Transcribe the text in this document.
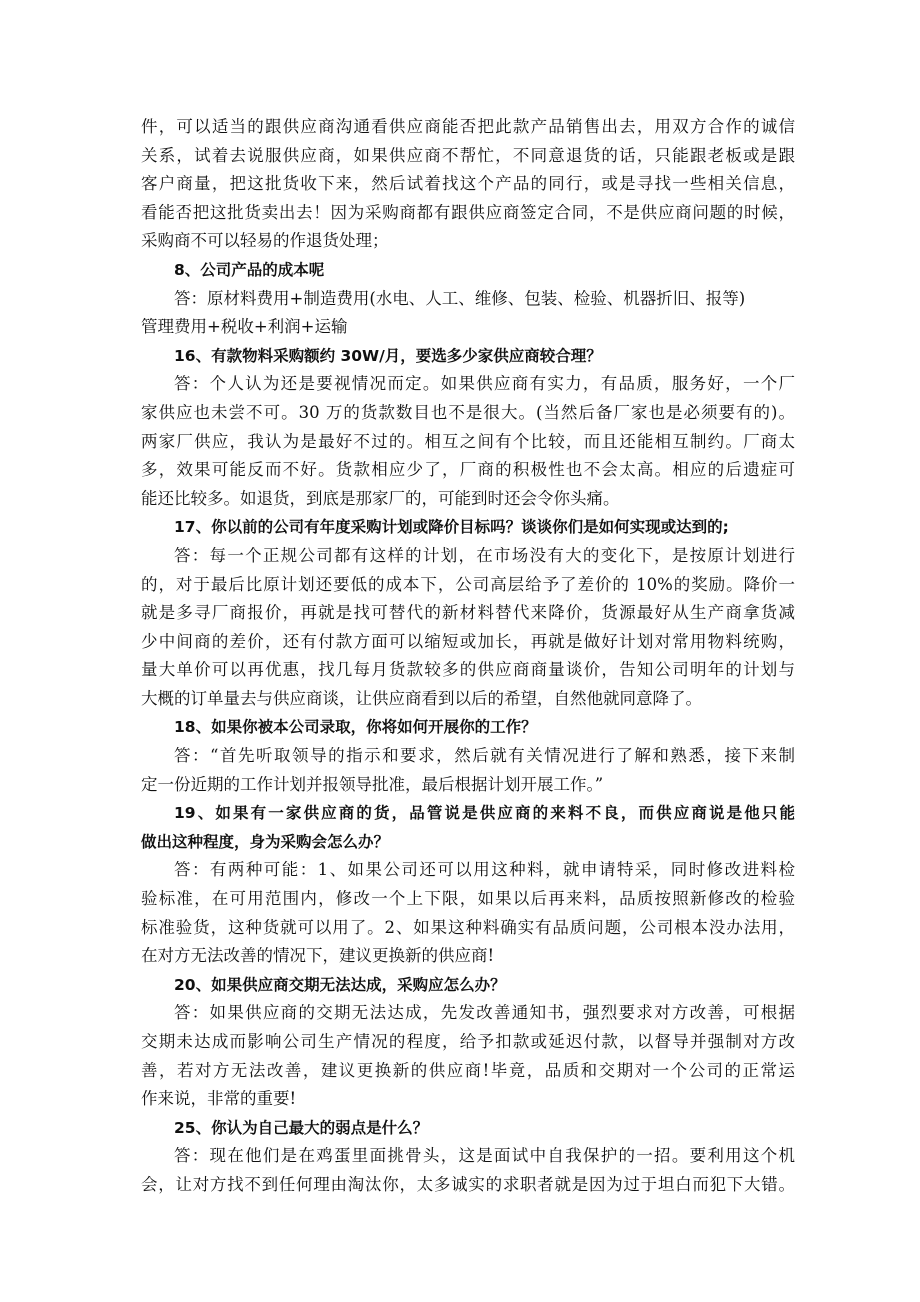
件，可以适当的跟供应商沟通看供应商能否把此款产品销售出去，用双方合作的诚信
关系，试着去说服供应商，如果供应商不帮忙，不同意退货的话，只能跟老板或是跟
客户商量，把这批货收下来，然后试着找这个产品的同行，或是寻找一些相关信息，
看能否把这批货卖出去！因为采购商都有跟供应商签定合同，不是供应商问题的时候，
采购商不可以轻易的作退货处理；
8、公司产品的成本呢
答：原材料费用+制造费用(水电、人工、维修、包装、检验、机器折旧、报等)
管理费用+税收+利润+运输
16、有款物料采购额约 30W/月，要选多少家供应商较合理？
答：个人认为还是要视情况而定。如果供应商有实力，有品质，服务好，一个厂
家供应也未尝不可。30 万的货款数目也不是很大。(当然后备厂家也是必须要有的)。
两家厂供应，我认为是最好不过的。相互之间有个比较，而且还能相互制约。厂商太
多，效果可能反而不好。货款相应少了，厂商的积极性也不会太高。相应的后遗症可
能还比较多。如退货，到底是那家厂的，可能到时还会令你头痛。
17、你以前的公司有年度采购计划或降价目标吗？谈谈你们是如何实现或达到的;
答：每一个正规公司都有这样的计划，在市场没有大的变化下，是按原计划进行
的，对于最后比原计划还要低的成本下，公司高层给予了差价的 10%的奖励。降价一
就是多寻厂商报价，再就是找可替代的新材料替代来降价，货源最好从生产商拿货减
少中间商的差价，还有付款方面可以缩短或加长，再就是做好计划对常用物料统购，
量大单价可以再优惠，找几每月货款较多的供应商商量谈价，告知公司明年的计划与
大概的订单量去与供应商谈，让供应商看到以后的希望，自然他就同意降了。
18、如果你被本公司录取，你将如何开展你的工作？
答：“首先听取领导的指示和要求，然后就有关情况进行了解和熟悉，接下来制
定一份近期的工作计划并报领导批准，最后根据计划开展工作。”
19、如果有一家供应商的货，品管说是供应商的来料不良，而供应商说是他只能
做出这种程度，身为采购会怎么办？
答：有两种可能：1、如果公司还可以用这种料，就申请特采，同时修改进料检
验标准，在可用范围内，修改一个上下限，如果以后再来料，品质按照新修改的检验
标准验货，这种货就可以用了。2、如果这种料确实有品质问题，公司根本没办法用，
在对方无法改善的情况下，建议更换新的供应商!
20、如果供应商交期无法达成，采购应怎么办？
答：如果供应商的交期无法达成，先发改善通知书，强烈要求对方改善，可根据
交期未达成而影响公司生产情况的程度，给予扣款或延迟付款，以督导并强制对方改
善，若对方无法改善，建议更换新的供应商!毕竟，品质和交期对一个公司的正常运
作来说，非常的重要!
25、你认为自己最大的弱点是什么？
答：现在他们是在鸡蛋里面挑骨头，这是面试中自我保护的一招。要利用这个机
会，让对方找不到任何理由淘汰你，太多诚实的求职者就是因为过于坦白而犯下大错。
